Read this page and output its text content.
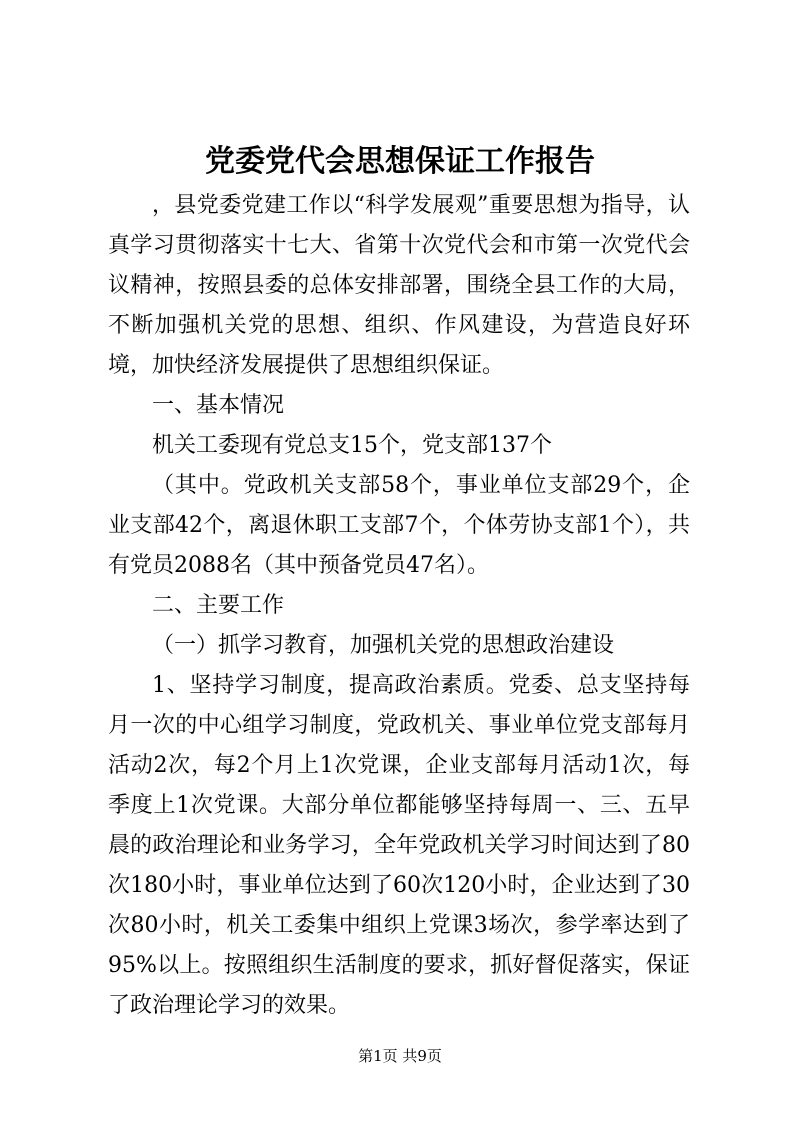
党委党代会思想保证工作报告

，县党委党建工作以“科学发展观”重要思想为指导，认真学习贯彻落实十七大、省第十次党代会和市第一次党代会议精神，按照县委的总体安排部署，围绕全县工作的大局，不断加强机关党的思想、组织、作风建设，为营造良好环境，加快经济发展提供了思想组织保证。

一、基本情况

机关工委现有党总支15个，党支部137个

（其中。党政机关支部58个，事业单位支部29个，企业支部42个，离退休职工支部7个，个体劳协支部1个），共有党员2088名（其中预备党员47名）。

二、主要工作

（一）抓学习教育，加强机关党的思想政治建设

1、坚持学习制度，提高政治素质。党委、总支坚持每月一次的中心组学习制度，党政机关、事业单位党支部每月活动2次，每2个月上1次党课，企业支部每月活动1次，每季度上1次党课。大部分单位都能够坚持每周一、三、五早晨的政治理论和业务学习，全年党政机关学习时间达到了80次180小时，事业单位达到了60次120小时，企业达到了30次80小时，机关工委集中组织上党课3场次，参学率达到了95%以上。按照组织生活制度的要求，抓好督促落实，保证了政治理论学习的效果。

第1页 共9页
